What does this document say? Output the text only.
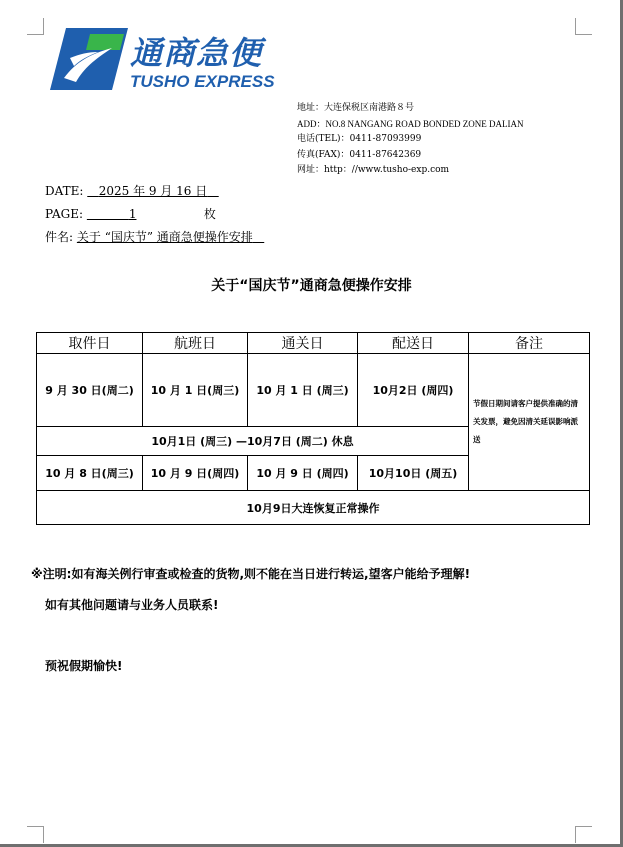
通商急便
TUSHO EXPRESS
地址：大连保税区南港路８号
ADD：NO.8 NANGANG ROAD BONDED ZONE DALIAN
电话(TEL)：0411-87093999
传真(FAX)：0411-87642369
网址：http：//www.tusho-exp.com
DATE: 2025 年 9 月 16 日
PAGE:	1	枚
件名: 关于 “国庆节” 通商急便操作安排
关于“国庆节”通商急便操作安排
取件日	航班日	通关日	配送日	备注
9 月 30 日(周二)	10 月 1 日(周三)	10 月 1 日 (周三)	10月2日 (周四)	节假日期间请客户提供准确的清关发票，避免因清关延误影响派送
10月1日 (周三) —10月7日 (周二) 休息				
10 月 8 日(周三)	10 月 9 日(周四)	10 月 9 日 (周四)	10月10日 (周五)	
10月9日大连恢复正常操作				
※注明:如有海关例行审查或检查的货物,则不能在当日进行转运,望客户能给予理解!
如有其他问题请与业务人员联系!
预祝假期愉快!
